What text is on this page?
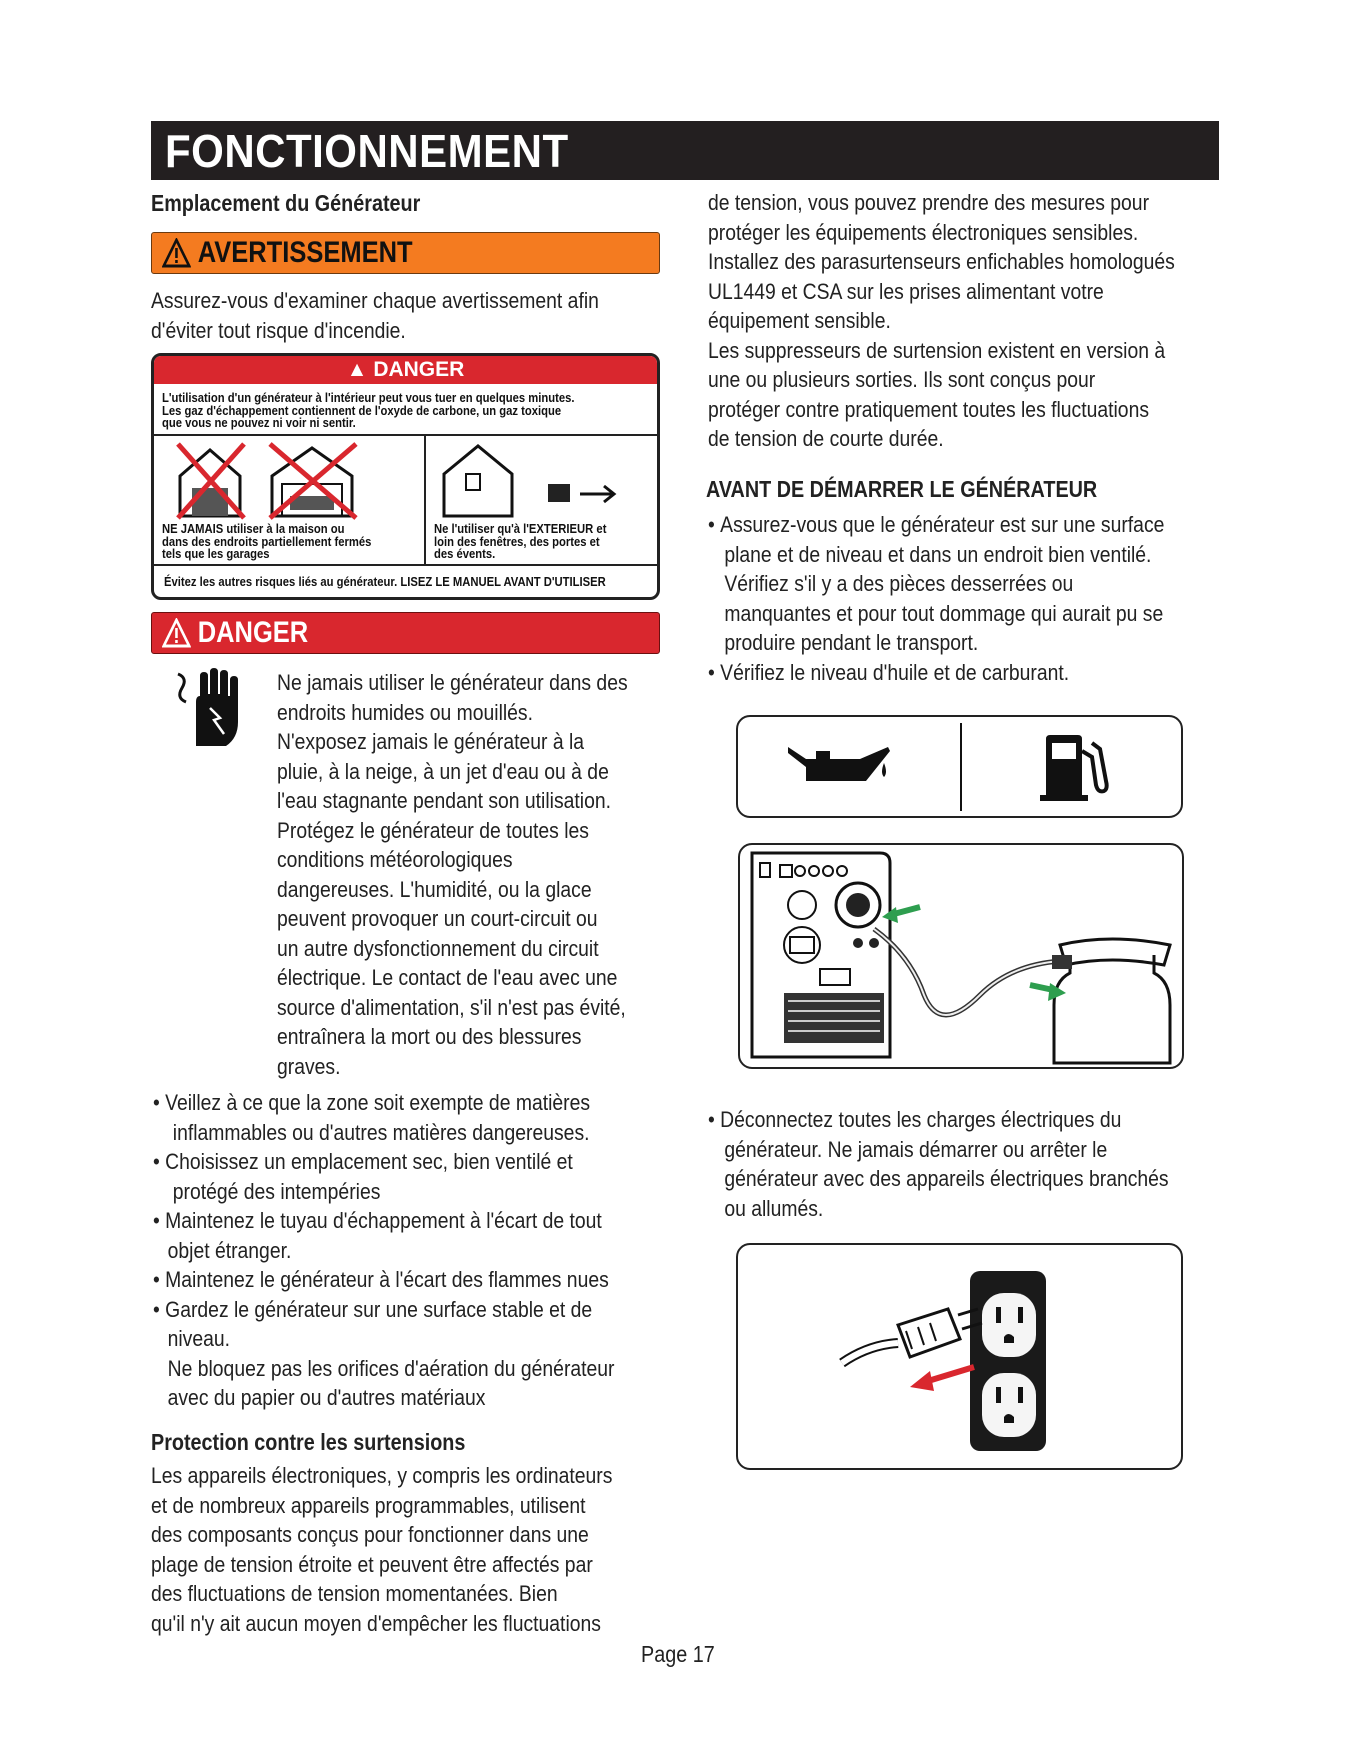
FONCTIONNEMENT
Emplacement du Générateur
AVERTISSEMENT
Assurez-vous d'examiner chaque avertissement afin
d'éviter tout risque d'incendie.
▲ DANGER
L'utilisation d'un générateur à l'intérieur peut vous tuer en quelques minutes.
Les gaz d'échappement contiennent de l'oxyde de carbone, un gaz toxique
que vous ne pouvez ni voir ni sentir.
NE JAMAIS utiliser à la maison ou
dans des endroits partiellement fermés
tels que les garages
Ne l'utiliser qu'à l'EXTERIEUR et
loin des fenêtres, des portes et
des évents.
Évitez les autres risques liés au générateur. LISEZ LE MANUEL AVANT D'UTILISER
DANGER
Ne jamais utiliser le générateur dans des
endroits humides ou mouillés.
N'exposez jamais le générateur à la
pluie, à la neige, à un jet d'eau ou à de
l'eau stagnante pendant son utilisation.
Protégez le générateur de toutes les
conditions météorologiques
dangereuses. L'humidité, ou la glace
peuvent provoquer un court-circuit ou
un autre dysfonctionnement du circuit
électrique. Le contact de l'eau avec une
source d'alimentation, s'il n'est pas évité,
entraînera la mort ou des blessures
graves.
• Veillez à ce que la zone soit exempte de matières
inflammables ou d'autres matières dangereuses.
• Choisissez un emplacement sec, bien ventilé et
protégé des intempéries
• Maintenez le tuyau d'échappement à l'écart de tout
objet étranger.
• Maintenez le générateur à l'écart des flammes nues
• Gardez le générateur sur une surface stable et de
niveau.
Ne bloquez pas les orifices d'aération du générateur
avec du papier ou d'autres matériaux
Protection contre les surtensions
Les appareils électroniques, y compris les ordinateurs
et de nombreux appareils programmables, utilisent
des composants conçus pour fonctionner dans une
plage de tension étroite et peuvent être affectés par
des fluctuations de tension momentanées. Bien
qu'il n'y ait aucun moyen d'empêcher les fluctuations
de tension, vous pouvez prendre des mesures pour
protéger les équipements électroniques sensibles.
Installez des parasurtenseurs enfichables homologués
UL1449 et CSA sur les prises alimentant votre
équipement sensible.
Les suppresseurs de surtension existent en version à
une ou plusieurs sorties. Ils sont conçus pour
protéger contre pratiquement toutes les fluctuations
de tension de courte durée.
AVANT DE DÉMARRER LE GÉNÉRATEUR
• Assurez-vous que le générateur est sur une surface
plane et de niveau et dans un endroit bien ventilé.
Vérifiez s'il y a des pièces desserrées ou
manquantes et pour tout dommage qui aurait pu se
produire pendant le transport.
• Vérifiez le niveau d'huile et de carburant.
• Déconnectez toutes les charges électriques du
générateur. Ne jamais démarrer ou arrêter le
générateur avec des appareils électriques branchés
ou allumés.
Page 17
